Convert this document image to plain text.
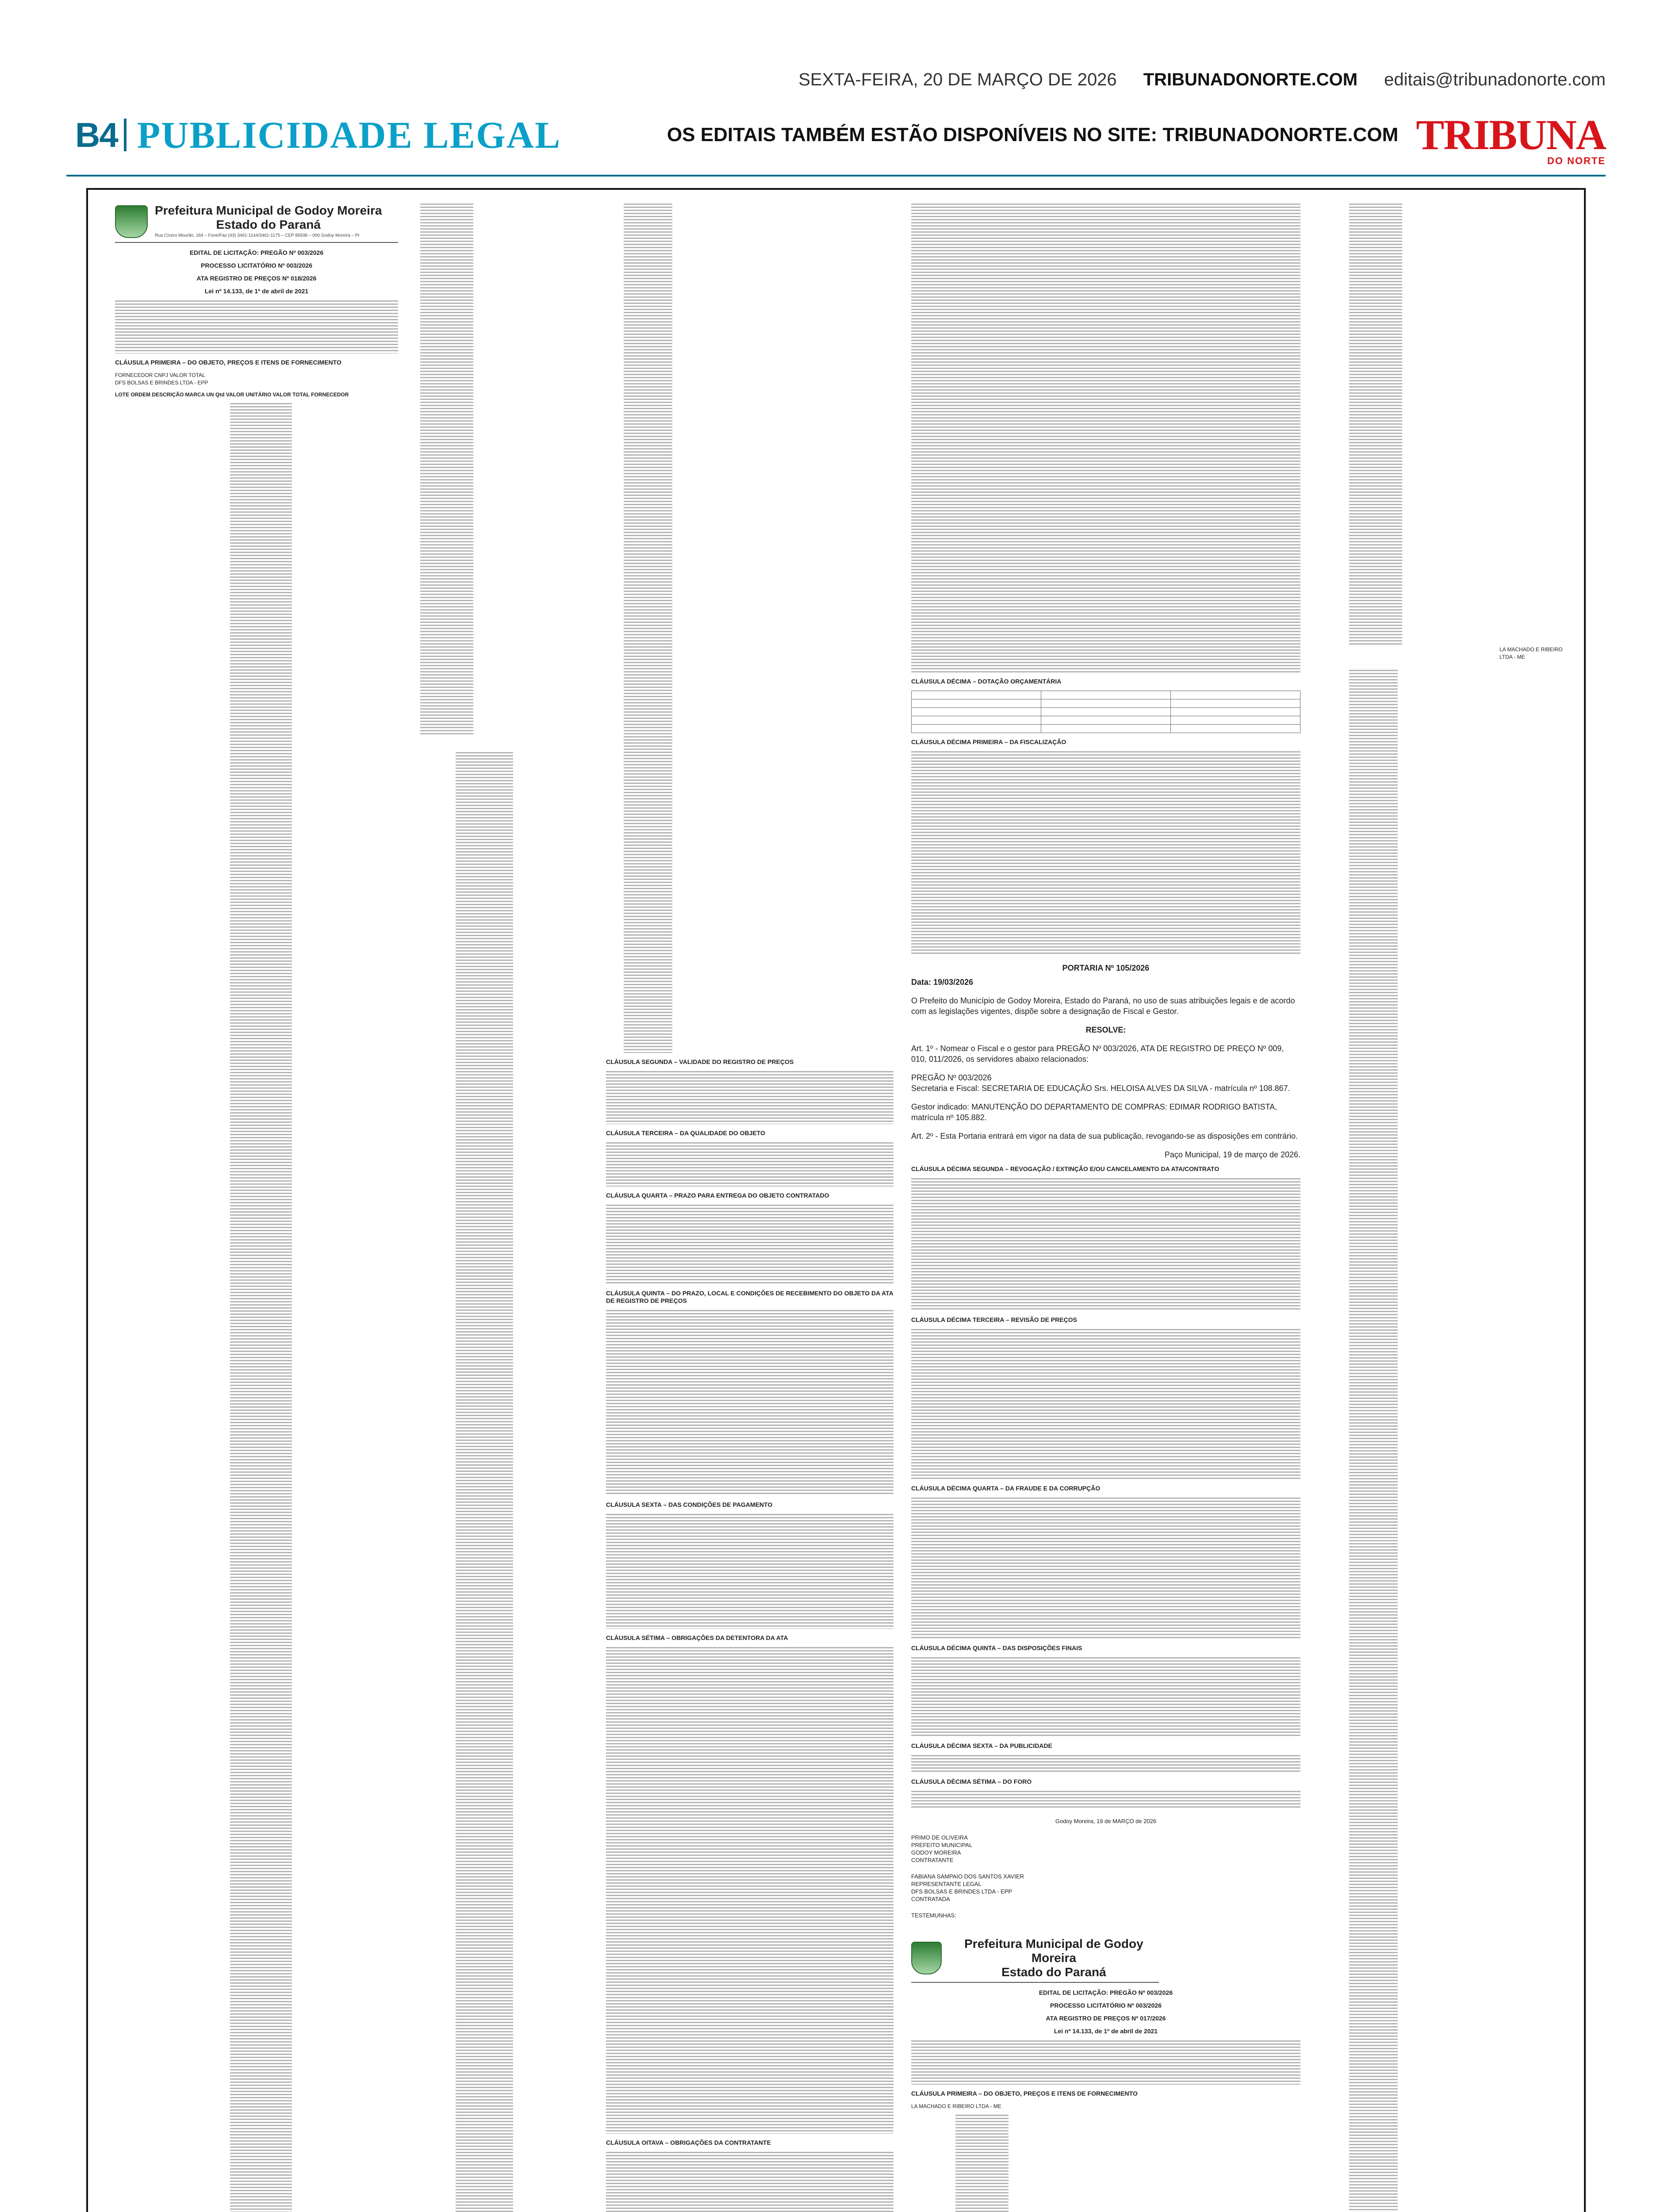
SEXTA-FEIRA, 20 DE MARÇO DE 2026 TRIBUNADONORTE.COM editais@tribunadonorte.com
B4 PUBLICIDADE LEGAL	OS EDITAIS TAMBÉM ESTÃO DISPONÍVEIS NO SITE: TRIBUNADONORTE.COM TRIBUNA
DO NORTE
Prefeitura Municipal de Godoy Moreira
Estado do Paraná
Rua Cícero Mourão, 184 – Fone/Fax (43) 3461-1144/3461-1175 – CEP 86938 – 000 Godoy Moreira – Pr
EDITAL DE LICITAÇÃO: PREGÃO Nº 003/2026
PROCESSO LICITATÓRIO Nº 003/2026
ATA REGISTRO DE PREÇOS Nº 018/2026
Lei nº 14.133, de 1º de abril de 2021
CLÁUSULA PRIMEIRA – DO OBJETO, PREÇOS E ITENS DE FORNECIMENTO
FORNECEDOR CNPJ VALOR TOTAL
DFS BOLSAS E BRINDES LTDA - EPP
LOTE ORDEM DESCRIÇÃO MARCA UN Qtd VALOR UNITÁRIO VALOR TOTAL FORNECEDOR
CLÁUSULA SEGUNDA – VALIDADE DO REGISTRO DE PREÇOS
CLÁUSULA TERCEIRA – DA QUALIDADE DO OBJETO
CLÁUSULA QUARTA – PRAZO PARA ENTREGA DO OBJETO CONTRATADO
CLÁUSULA QUINTA – DO PRAZO, LOCAL E CONDIÇÕES DE RECEBIMENTO DO OBJETO DA ATA DE REGISTRO DE PREÇOS
CLÁUSULA SEXTA – DAS CONDIÇÕES DE PAGAMENTO
CLÁUSULA SÉTIMA – OBRIGAÇÕES DA DETENTORA DA ATA
CLÁUSULA OITAVA – OBRIGAÇÕES DA CONTRATANTE
CLÁUSULA DÉCIMA – DOTAÇÃO ORÇAMENTÁRIA

CLÁUSULA DÉCIMA PRIMEIRA – DA FISCALIZAÇÃO
PORTARIA Nº 105/2026
Data: 19/03/2026

O Prefeito do Município de Godoy Moreira, Estado do Paraná, no uso de suas atribuições legais e de acordo com as legislações vigentes, dispõe sobre a designação de Fiscal e Gestor.

RESOLVE:

Art. 1º - Nomear o Fiscal e o gestor para PREGÃO Nº 003/2026, ATA DE REGISTRO DE PREÇO Nº 009, 010, 011/2026, os servidores abaixo relacionados:

PREGÃO Nº 003/2026
Secretaria e Fiscal: SECRETARIA DE EDUCAÇÃO Srs. HELOISA ALVES DA SILVA - matrícula nº 108.867.

Gestor indicado: MANUTENÇÃO DO DEPARTAMENTO DE COMPRAS: EDIMAR RODRIGO BATISTA, matrícula nº 105.882.

Art. 2º - Esta Portaria entrará em vigor na data de sua publicação, revogando-se as disposições em contrário.

Paço Municipal, 19 de março de 2026.
CLÁUSULA DÉCIMA SEGUNDA – REVOGAÇÃO / EXTINÇÃO E/OU CANCELAMENTO DA ATA/CONTRATO
CLÁUSULA DÉCIMA TERCEIRA – REVISÃO DE PREÇOS
CLÁUSULA DÉCIMA QUARTA – DA FRAUDE E DA CORRUPÇÃO
CLÁUSULA DÉCIMA QUINTA – DAS DISPOSIÇÕES FINAIS
CLÁUSULA DÉCIMA SEXTA – DA PUBLICIDADE
CLÁUSULA DÉCIMA SÉTIMA – DO FORO
Godoy Moreira, 19 de MARÇO de 2026
PRIMO DE OLIVEIRA
PREFEITO MUNICIPAL
GODOY MOREIRA
CONTRATANTE
FABIANA SAMPAIO DOS SANTOS XAVIER
REPRESENTANTE LEGAL
DFS BOLSAS E BRINDES LTDA - EPP
CONTRATADA
TESTEMUNHAS:
Prefeitura Municipal de Godoy Moreira
Estado do Paraná
EDITAL DE LICITAÇÃO: PREGÃO Nº 003/2026
PROCESSO LICITATÓRIO Nº 003/2026
ATA REGISTRO DE PREÇOS Nº 017/2026
Lei nº 14.133, de 1º de abril de 2021
CLÁUSULA PRIMEIRA – DO OBJETO, PREÇOS E ITENS DE FORNECIMENTO
LA MACHADO E RIBEIRO LTDA - ME
LA MACHADO E RIBEIRO LTDA - ME
